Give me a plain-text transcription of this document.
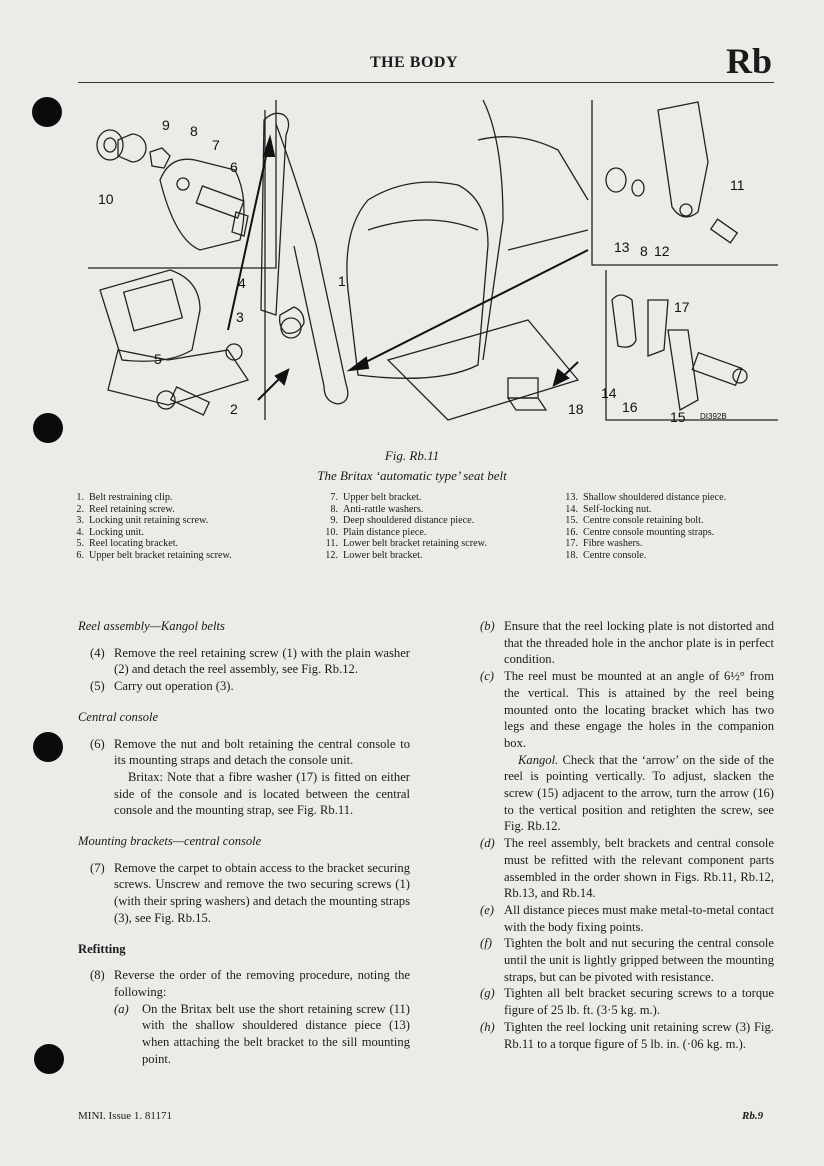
THE BODY	Rb
9 8
7
6
10
4
3
5
2
1
11
13 8 12
17
14
16
15
18	DI392B
Fig. Rb.11
The Britax ‘automatic type’ seat belt
1. Belt restraining clip.
2. Reel retaining screw.
3. Locking unit retaining screw.
4. Locking unit.
5. Reel locating bracket.
6. Upper belt bracket retaining screw.
7. Upper belt bracket.
8. Anti-rattle washers.
9. Deep shouldered distance piece.
10. Plain distance piece.
11. Lower belt bracket retaining screw.
12. Lower belt bracket.
13. Shallow shouldered distance piece.
14. Self-locking nut.
15. Centre console retaining bolt.
16. Centre console mounting straps.
17. Fibre washers.
18. Centre console.
Reel assembly—Kangol belts
(4) Remove the reel retaining screw (1) with the plain washer (2) and detach the reel assembly, see Fig. Rb.12.
(5) Carry out operation (3).
Central console
(6) Remove the nut and bolt retaining the central console to its mounting straps and detach the console unit.
Britax: Note that a fibre washer (17) is fitted on either side of the console and is located between the central console and the mounting strap, see Fig. Rb.11.
Mounting brackets—central console
(7) Remove the carpet to obtain access to the bracket securing screws. Unscrew and remove the two securing screws (1) (with their spring washers) and detach the mounting straps (3), see Fig. Rb.15.
Refitting
(8) Reverse the order of the removing procedure, noting the following:
(a)	On the Britax belt use the short retaining screw (11) with the shallow shouldered distance piece (13) when attaching the belt bracket to the sill mounting point.
(b) Ensure that the reel locking plate is not distorted and that the threaded hole in the anchor plate is in perfect condition.
(c) The reel must be mounted at an angle of 6½° from the vertical. This is attained by the reel being mounted onto the locating bracket which has two legs and these engage the holes in the companion box.
Kangol. Check that the ‘arrow’ on the side of the reel is pointing vertically. To adjust, slacken the screw (15) adjacent to the arrow, turn the arrow (16) to the vertical position and retighten the screw, see Fig. Rb.12.
(d) The reel assembly, belt brackets and central console must be refitted with the relevant component parts assembled in the order shown in Figs. Rb.11, Rb.12, Rb.13, and Rb.14.
(e) All distance pieces must make metal-to-metal contact with the body fixing points.
(f) Tighten the bolt and nut securing the central console until the unit is lightly gripped between the mounting straps, but can be pivoted with resistance.
(g) Tighten all belt bracket securing screws to a torque figure of 25 lb. ft. (3·5 kg. m.).
(h) Tighten the reel locking unit retaining screw (3) Fig. Rb.11 to a torque figure of 5 lb. in. (·06 kg. m.).
MINI. Issue 1. 81171	Rb.9
